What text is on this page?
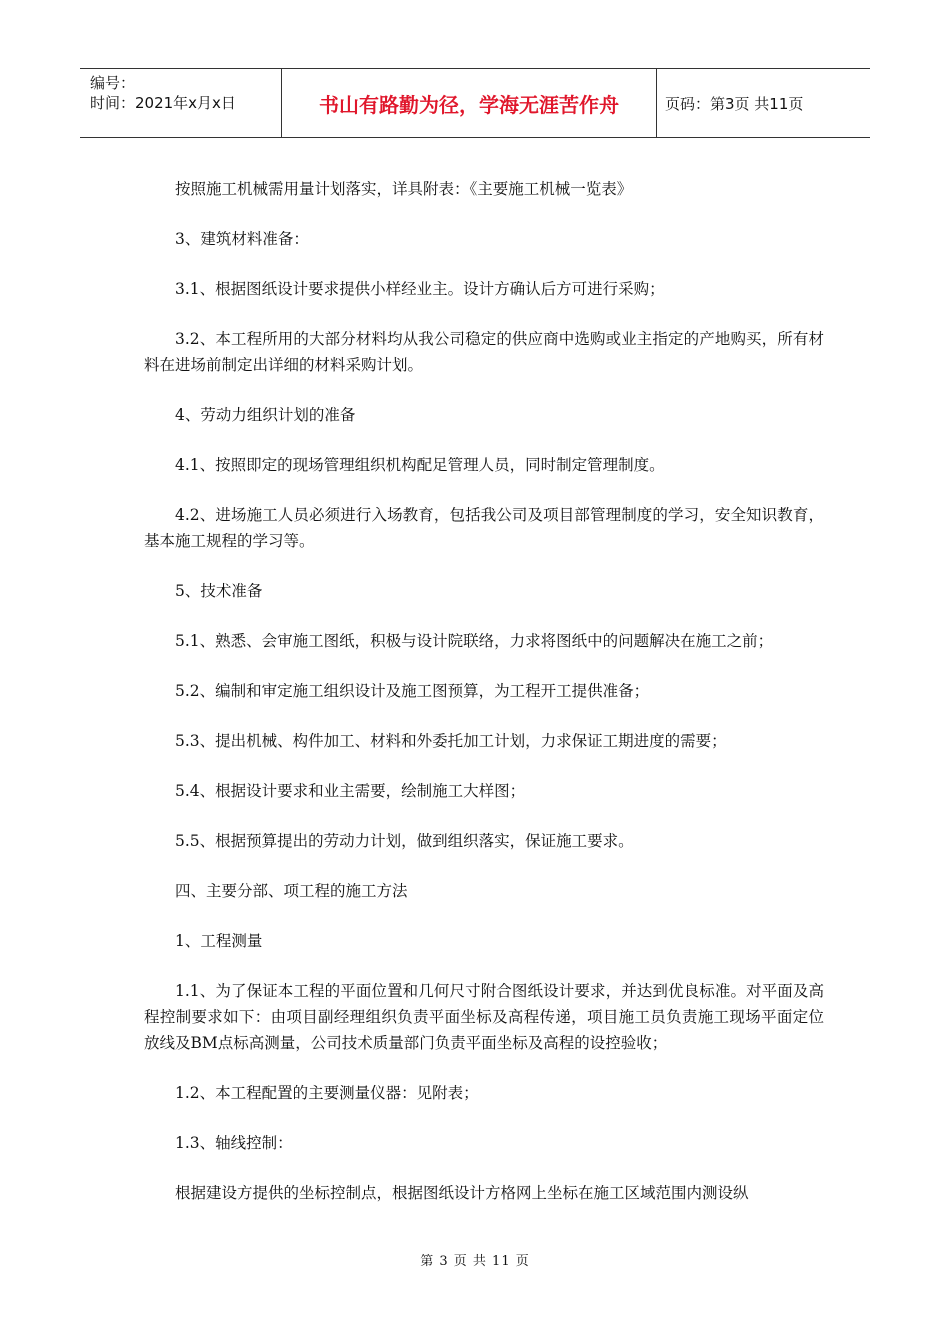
编号：
时间：2021年x月x日	书山有路勤为径，学海无涯苦作舟	页码：第3页 共11页

按照施工机械需用量计划落实，详具附表：《主要施工机械一览表》

3、建筑材料准备：

3.1、根据图纸设计要求提供小样经业主。设计方确认后方可进行采购；

3.2、本工程所用的大部分材料均从我公司稳定的供应商中选购或业主指定的产地购买，所有材料在进场前制定出详细的材料采购计划。

4、劳动力组织计划的准备

4.1、按照即定的现场管理组织机构配足管理人员，同时制定管理制度。

4.2、进场施工人员必须进行入场教育，包括我公司及项目部管理制度的学习，安全知识教育，基本施工规程的学习等。

5、技术准备

5.1、熟悉、会审施工图纸，积极与设计院联络，力求将图纸中的问题解决在施工之前；

5.2、编制和审定施工组织设计及施工图预算，为工程开工提供准备；

5.3、提出机械、构件加工、材料和外委托加工计划，力求保证工期进度的需要；

5.4、根据设计要求和业主需要，绘制施工大样图；

5.5、根据预算提出的劳动力计划，做到组织落实，保证施工要求。

四、主要分部、项工程的施工方法

1、工程测量

1.1、为了保证本工程的平面位置和几何尺寸附合图纸设计要求，并达到优良标准。对平面及高程控制要求如下：由项目副经理组织负责平面坐标及高程传递，项目施工员负责施工现场平面定位放线及BM点标高测量，公司技术质量部门负责平面坐标及高程的设控验收；

1.2、本工程配置的主要测量仪器：见附表；

1.3、轴线控制：

根据建设方提供的坐标控制点，根据图纸设计方格网上坐标在施工区域范围内测设纵

第 3 页 共 11 页
